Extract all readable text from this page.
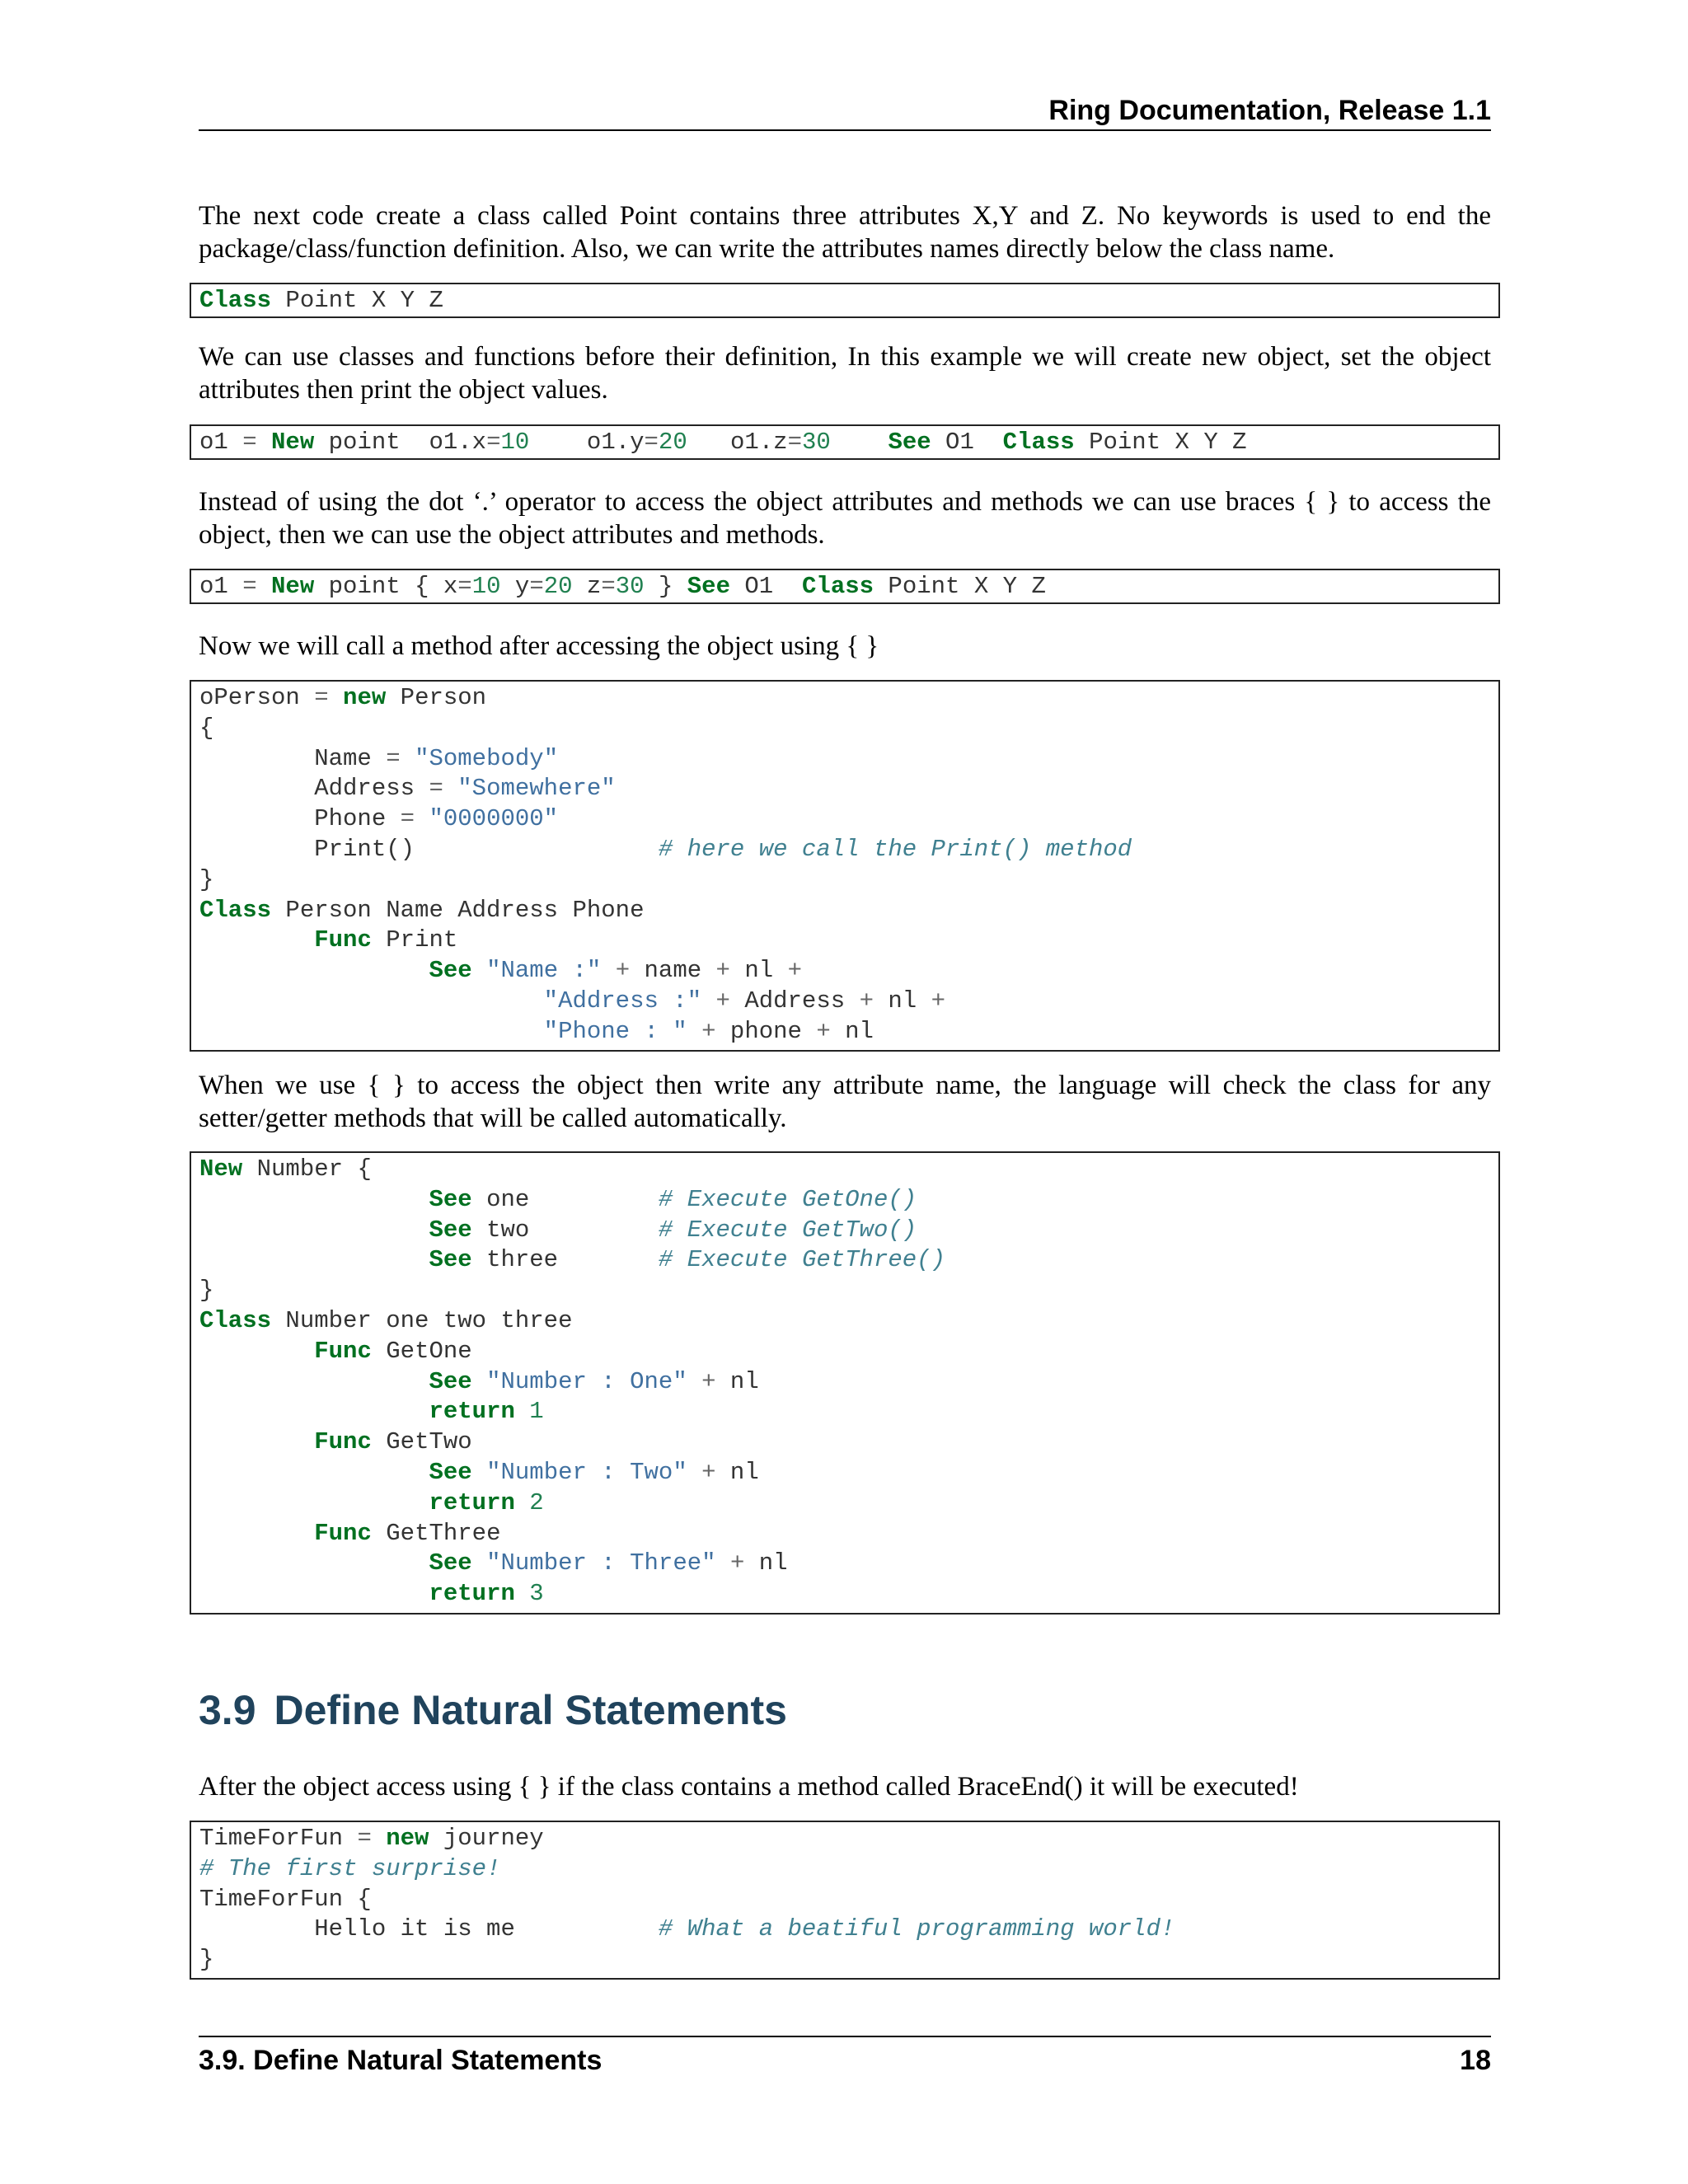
Ring Documentation, Release 1.1

The next code create a class called Point contains three attributes X,Y and Z. No keywords is used to end the package/class/function definition. Also, we can write the attributes names directly below the class name.

Class Point X Y Z

We can use classes and functions before their definition, In this example we will create new object, set the object attributes then print the object values.

o1 = New point  o1.x=10    o1.y=20   o1.z=30 See O1  Class Point X Y Z

Instead of using the dot ‘.’ operator to access the object attributes and methods we can use braces { } to access the object, then we can use the object attributes and methods.

o1 = New point { x=10 y=20 z=30 } See O1  Class Point X Y Z

Now we will call a method after accessing the object using { }

oPerson = new Person
{
Name = "Somebody"
Address = "Somewhere"
Phone = "0000000"
Print()                 # here we call the Print() method
}
Class Person Name Address Phone
Func Print
See "Name :" + name + nl +
"Address :" + Address + nl +
"Phone : " + phone + nl

When we use { } to access the object then write any attribute name, the language will check the class for any setter/getter methods that will be called automatically.

New Number {
See one         # Execute GetOne()
See two         # Execute GetTwo()
See three       # Execute GetThree()
}
Class Number one two three
Func GetOne
See "Number : One" + nl
return 1
Func GetTwo
See "Number : Two" + nl
return 2
Func GetThree
See "Number : Three" + nl
return 3
3.9 Define Natural Statements

After the object access using { } if the class contains a method called BraceEnd() it will be executed!

TimeForFun = new journey
# The first surprise!
TimeForFun {
Hello it is me          # What a beatiful programming world!
}
3.9. Define Natural Statements	18
